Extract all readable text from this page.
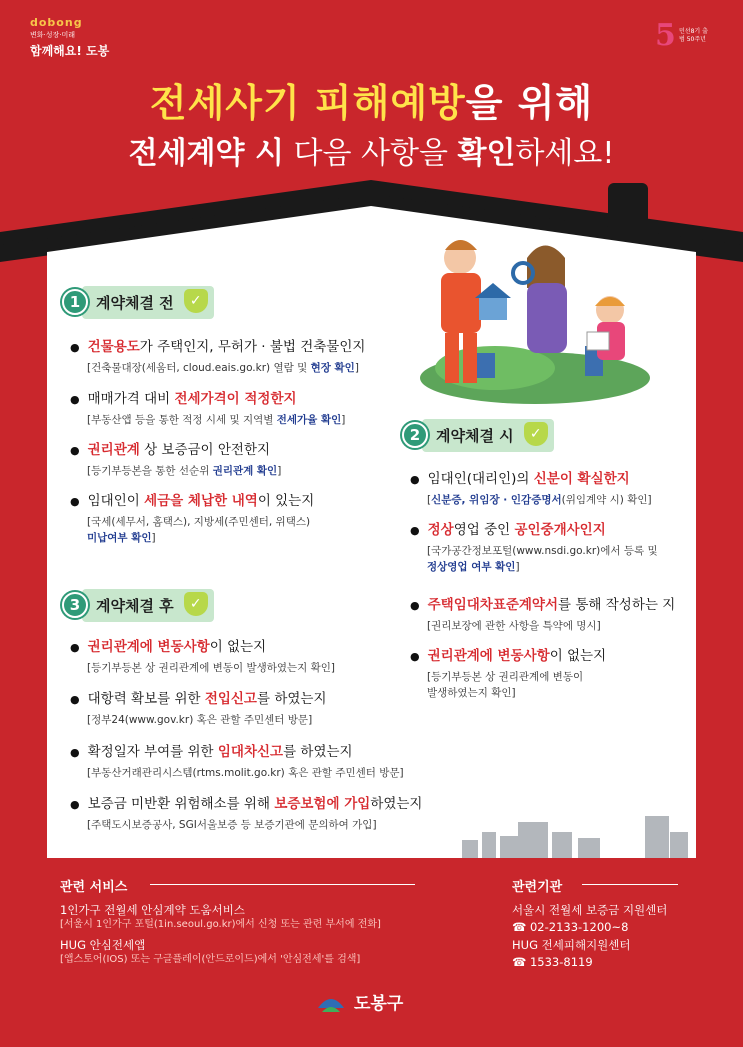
dobong
변화·성장·미래
함께해요! 도봉	5 민선8기 출범 50주년
전세사기 피해예방을 위해
전세계약 시 다음 사항을 확인하세요!
1	계약체결 전	✓
● 건물용도가 주택인지, 무허가 · 불법 건축물인지
[건축물대장(세움터, cloud.eais.go.kr) 열람 및 현장 확인]
● 매매가격 대비 전세가격이 적정한지
[부동산앱 등을 통한 적정 시세 및 지역별 전세가율 확인]
● 권리관계 상 보증금이 안전한지
[등기부등본을 통한 선순위 권리관계 확인]
● 임대인이 세금을 체납한 내역이 있는지
[국세(세무서, 홈택스), 지방세(주민센터, 위택스)
미납여부 확인]
2	계약체결 시	✓
● 임대인(대리인)의 신분이 확실한지
[신분증, 위임장 · 인감증명서(위임계약 시) 확인]
● 정상영업 중인 공인중개사인지
[국가공간정보포털(www.nsdi.go.kr)에서 등록 및
정상영업 여부 확인]
● 주택임대차표준계약서를 통해 작성하는 지
[권리보장에 관한 사항을 특약에 명시]
● 권리관계에 변동사항이 없는지
[등기부등본 상 권리관계에 변동이
발생하였는지 확인]
3	계약체결 후	✓
● 권리관계에 변동사항이 없는지
[등기부등본 상 권리관계에 변동이 발생하였는지 확인]
● 대항력 확보를 위한 전입신고를 하였는지
[정부24(www.gov.kr) 혹은 관할 주민센터 방문]
● 확정일자 부여를 위한 임대차신고를 하였는지
[부동산거래관리시스템(rtms.molit.go.kr) 혹은 관할 주민센터 방문]
● 보증금 미반환 위험해소를 위해 보증보험에 가입하였는지
[주택도시보증공사, SGI서울보증 등 보증기관에 문의하여 가입]
관련 서비스
1인가구 전월세 안심계약 도움서비스
[서울시 1인가구 포털(1in.seoul.go.kr)에서 신청 또는 관련 부서에 전화]
HUG 안심전세앱
[앱스토어(IOS) 또는 구글플레이(안드로이드)에서 '안심전세'를 검색]
관련기관
서울시 전월세 보증금 지원센터
☎ 02-2133-1200~8
HUG 전세피해지원센터
☎ 1533-8119
도봉구
